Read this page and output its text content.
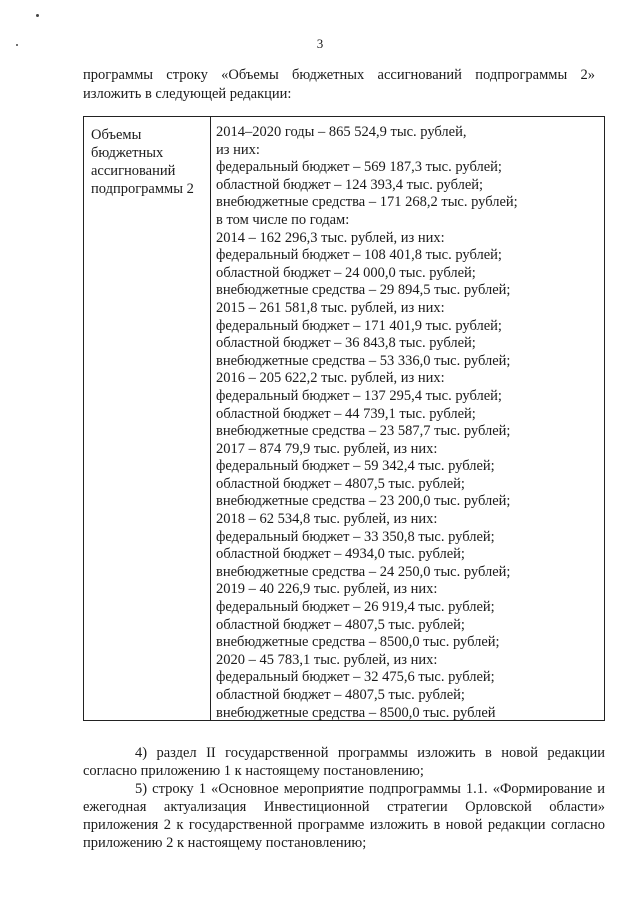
3

программы строку «Объемы бюджетных ассигнований подпрограммы 2»

изложить в следующей редакции:

Объемы
бюджетных
ассигнований
подпрограммы 2
2014–2020 годы – 865 524,9 тыс. рублей,
из них:
федеральный бюджет – 569 187,3 тыс. рублей;
областной бюджет – 124 393,4 тыс. рублей;
внебюджетные средства – 171 268,2 тыс. рублей;
в том числе по годам:
2014 – 162 296,3 тыс. рублей, из них:
федеральный бюджет – 108 401,8 тыс. рублей;
областной бюджет – 24 000,0 тыс. рублей;
внебюджетные средства – 29 894,5 тыс. рублей;
2015 – 261 581,8 тыс. рублей, из них:
федеральный бюджет – 171 401,9 тыс. рублей;
областной бюджет – 36 843,8 тыс. рублей;
внебюджетные средства – 53 336,0 тыс. рублей;
2016 – 205 622,2 тыс. рублей, из них:
федеральный бюджет – 137 295,4 тыс. рублей;
областной бюджет – 44 739,1 тыс. рублей;
внебюджетные средства – 23 587,7 тыс. рублей;
2017 – 874 79,9 тыс. рублей, из них:
федеральный бюджет – 59 342,4 тыс. рублей;
областной бюджет – 4807,5 тыс. рублей;
внебюджетные средства – 23 200,0 тыс. рублей;
2018 – 62 534,8 тыс. рублей, из них:
федеральный бюджет – 33 350,8 тыс. рублей;
областной бюджет – 4934,0 тыс. рублей;
внебюджетные средства – 24 250,0 тыс. рублей;
2019 – 40 226,9 тыс. рублей, из них:
федеральный бюджет – 26 919,4 тыс. рублей;
областной бюджет – 4807,5 тыс. рублей;
внебюджетные средства – 8500,0 тыс. рублей;
2020 – 45 783,1 тыс. рублей, из них:
федеральный бюджет – 32 475,6 тыс. рублей;
областной бюджет – 4807,5 тыс. рублей;
внебюджетные средства – 8500,0 тыс. рублей

4) раздел II государственной программы изложить в новой редакции согласно приложению 1 к настоящему постановлению;

5) строку 1 «Основное мероприятие подпрограммы 1.1. «Формирование и ежегодная актуализация Инвестиционной стратегии Орловской области» приложения 2 к государственной программе изложить в новой редакции согласно приложению 2 к настоящему постановлению;
